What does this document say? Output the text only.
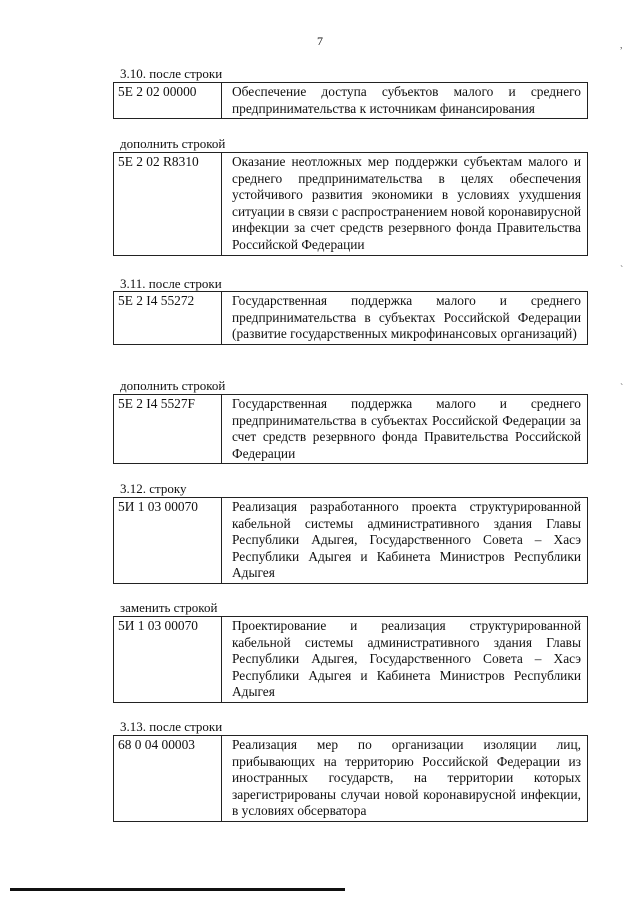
7
3.10. после строки
5Е 2 02 00000	Обеспечение доступа субъектов малого и среднего предпринимательства к источникам финансирования
дополнить строкой
5Е 2 02 R8310	Оказание неотложных мер поддержки субъектам малого и среднего предпринимательства в целях обеспечения устойчивого развития экономики в условиях ухудшения ситуации в связи с распространением новой коронавирусной инфекции за счет средств резервного фонда Правительства Российской Федерации
3.11. после строки
5Е 2 I4 55272	Государственная поддержка малого и среднего предпринимательства в субъектах Российской Федерации (развитие государственных микрофинансовых организаций)
дополнить строкой
5Е 2 I4 5527F	Государственная поддержка малого и среднего предпринимательства в субъектах Российской Федерации за счет средств резервного фонда Правительства Российской Федерации
3.12. строку
5И 1 03 00070	Реализация разработанного проекта структурированной кабельной системы административного здания Главы Республики Адыгея, Государственного Совета – Хасэ Республики Адыгея и Кабинета Министров Республики Адыгея
заменить строкой
5И 1 03 00070	Проектирование и реализация структурированной кабельной системы административного здания Главы Республики Адыгея, Государственного Совета – Хасэ Республики Адыгея и Кабинета Министров Республики Адыгея
3.13. после строки
68 0 04 00003	Реализация мер по организации изоляции лиц, прибывающих на территорию Российской Федерации из иностранных государств, на территории которых зарегистрированы случаи новой коронавирусной инфекции, в условиях обсерватора
,
`
`
